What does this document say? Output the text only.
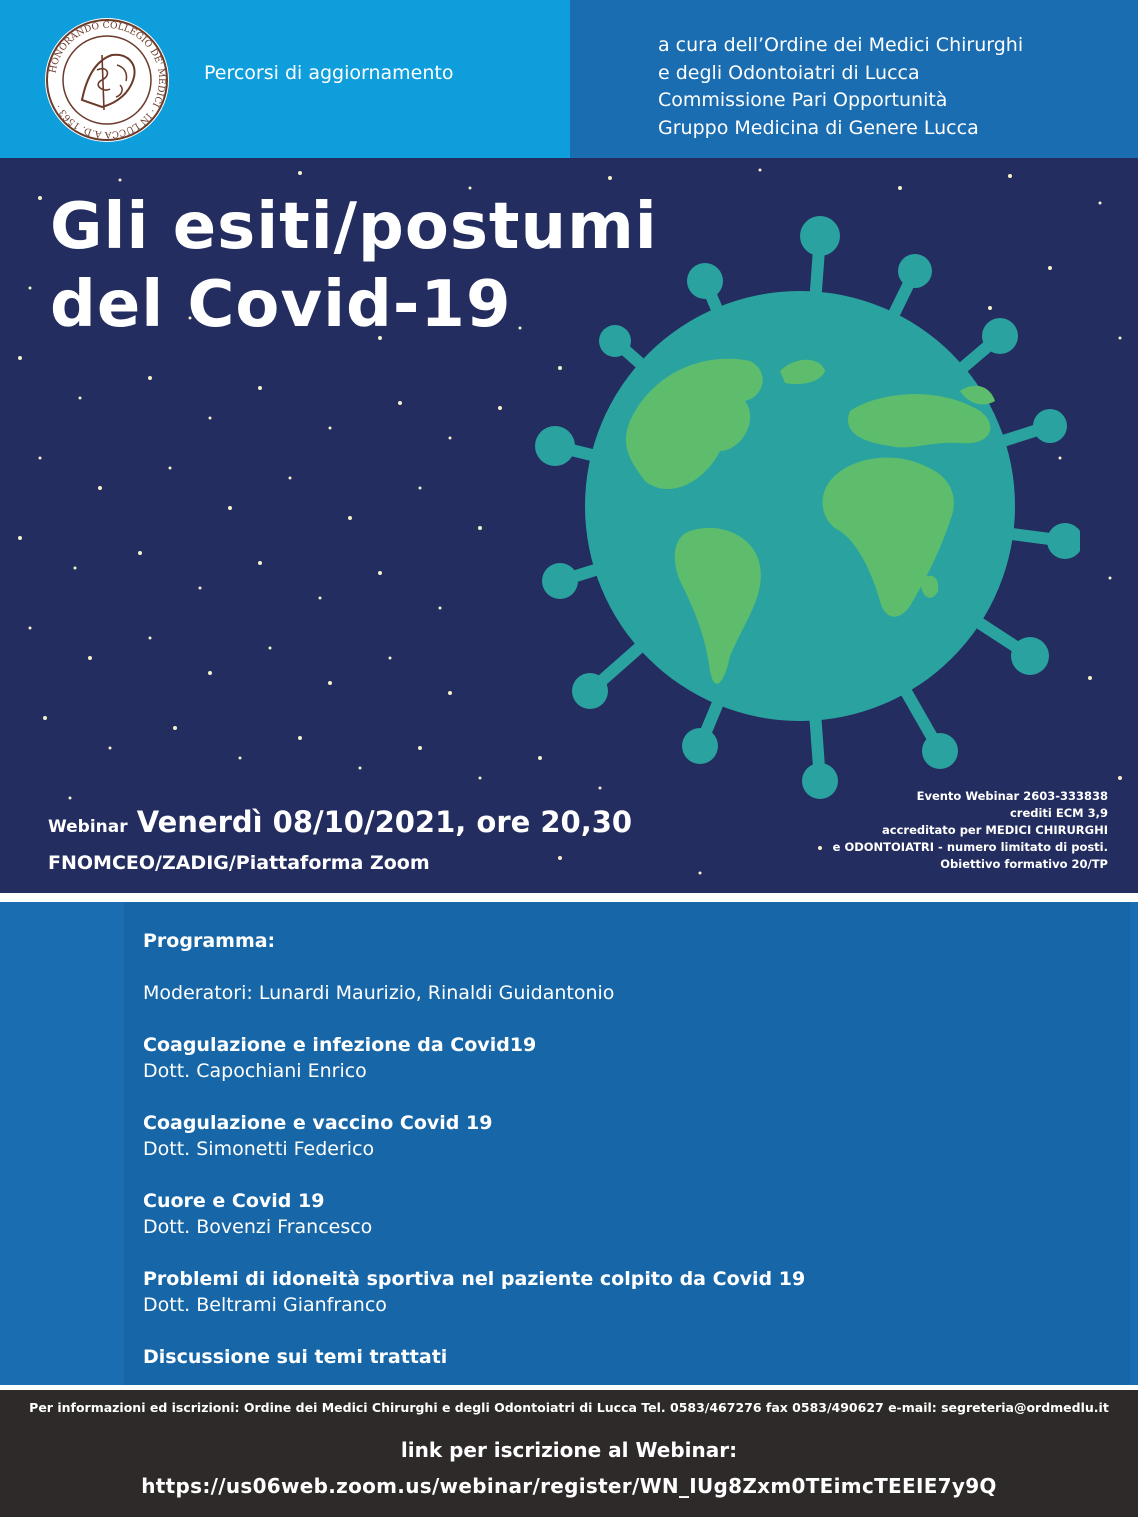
HONORANDO COLLEGIO DE' MEDICI · IN LUCCA A.D. 1563 ·
Percorsi di aggiornamento
a cura dell’Ordine dei Medici Chirurghi
e degli Odontoiatri di Lucca
Commissione Pari Opportunità
Gruppo Medicina di Genere Lucca
Gli esiti/postumi
del Covid-19
Webinar Venerdì 08/10/2021, ore 20,30
FNOMCEO/ZADIG/Piattaforma Zoom
Evento Webinar 2603-333838
crediti ECM 3,9
accreditato per MEDICI CHIRURGHI
e ODONTOIATRI - numero limitato di posti.
Obiettivo formativo 20/TP
Programma:
Moderatori: Lunardi Maurizio, Rinaldi Guidantonio
Coagulazione e infezione da Covid19
Dott. Capochiani Enrico
Coagulazione e vaccino Covid 19
Dott. Simonetti Federico
Cuore e Covid 19
Dott. Bovenzi Francesco
Problemi di idoneità sportiva nel paziente colpito da Covid 19
Dott. Beltrami Gianfranco
Discussione sui temi trattati
Per informazioni ed iscrizioni: Ordine dei Medici Chirurghi e degli Odontoiatri di Lucca Tel. 0583/467276 fax 0583/490627 e-mail: segreteria@ordmedlu.it
link per iscrizione al Webinar:
https://us06web.zoom.us/webinar/register/WN_IUg8Zxm0TEimcTEEIE7y9Q
